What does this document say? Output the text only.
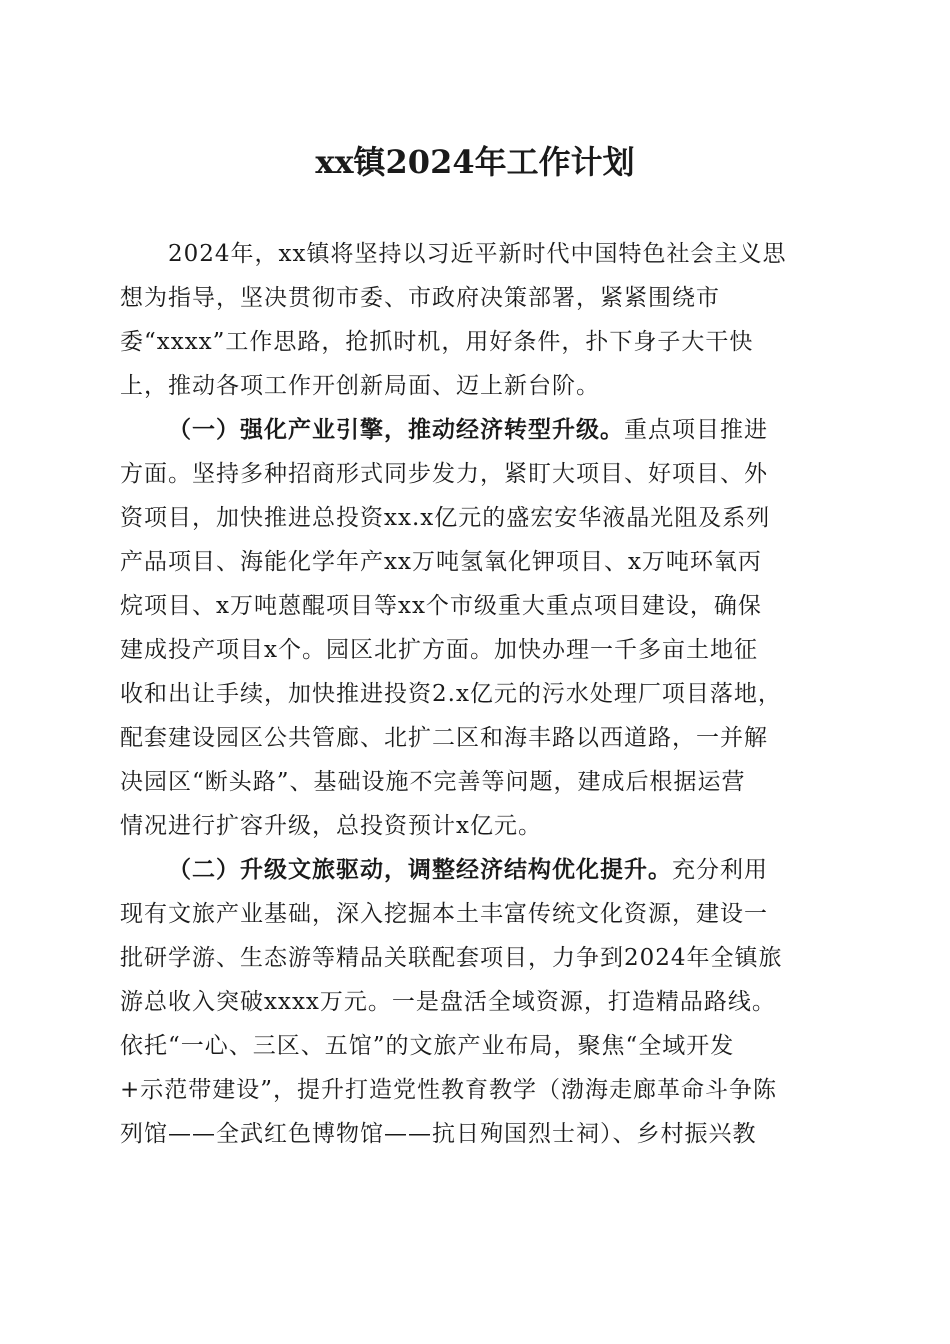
xx镇2024年工作计划
2024年，xx镇将坚持以习近平新时代中国特色社会主义思
想为指导，坚决贯彻市委、市政府决策部署，紧紧围绕市
委“xxxx”工作思路，抢抓时机，用好条件，扑下身子大干快
上，推动各项工作开创新局面、迈上新台阶。
（一）强化产业引擎，推动经济转型升级。重点项目推进
方面。坚持多种招商形式同步发力，紧盯大项目、好项目、外
资项目，加快推进总投资xx.x亿元的盛宏安华液晶光阻及系列
产品项目、海能化学年产xx万吨氢氧化钾项目、x万吨环氧丙
烷项目、x万吨蒽醌项目等xx个市级重大重点项目建设，确保
建成投产项目x个。园区北扩方面。加快办理一千多亩土地征
收和出让手续，加快推进投资2.x亿元的污水处理厂项目落地，
配套建设园区公共管廊、北扩二区和海丰路以西道路，一并解
决园区“断头路”、基础设施不完善等问题，建成后根据运营
情况进行扩容升级，总投资预计x亿元。
（二）升级文旅驱动，调整经济结构优化提升。充分利用
现有文旅产业基础，深入挖掘本土丰富传统文化资源，建设一
批研学游、生态游等精品关联配套项目，力争到2024年全镇旅
游总收入突破xxxx万元。一是盘活全域资源，打造精品路线。
依托“一心、三区、五馆”的文旅产业布局，聚焦“全域开发
+示范带建设”，提升打造党性教育教学（渤海走廊革命斗争陈
列馆——全武红色博物馆——抗日殉国烈士祠）、乡村振兴教
